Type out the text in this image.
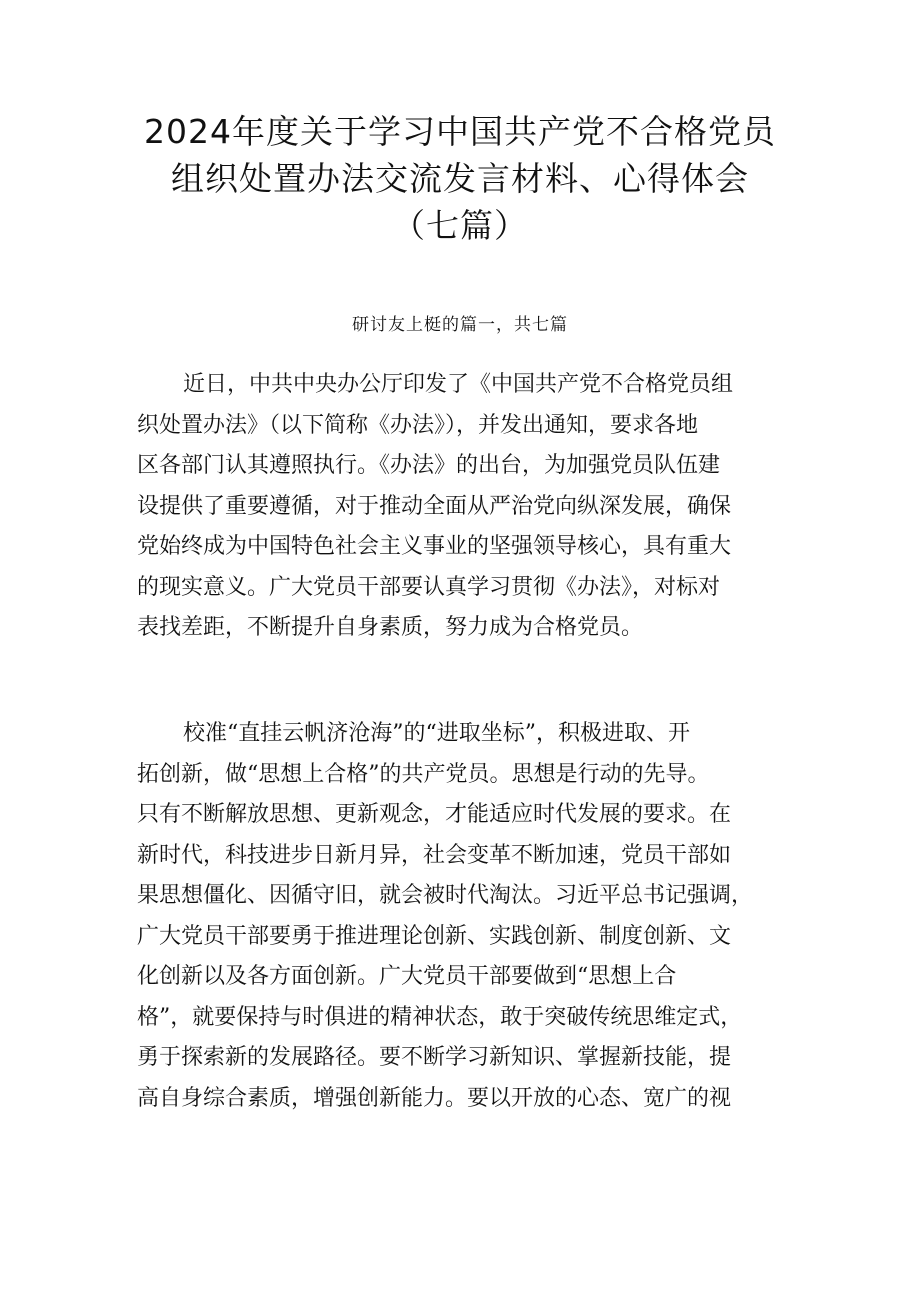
2024年度关于学习中国共产党不合格党员
组织处置办法交流发言材料、心得体会
（七篇）

研讨友上梃的篇一，共七篇

近日，中共中央办公厅印发了《中国共产党不合格党员组
织处置办法》（以下简称《办法》），并发出通知，要求各地
区各部门认其遵照执行。《办法》的出台，为加强党员队伍建
设提供了重要遵循，对于推动全面从严治党向纵深发展，确保
党始终成为中国特色社会主义事业的坚强领导核心，具有重大
的现实意义。广大党员干部要认真学习贯彻《办法》，对标对
表找差距，不断提升自身素质，努力成为合格党员。
校准“直挂云帆济沧海”的“进取坐标”，积极进取、开
拓创新，做“思想上合格”的共产党员。思想是行动的先导。
只有不断解放思想、更新观念，才能适应时代发展的要求。在
新时代，科技进步日新月异，社会变革不断加速，党员干部如
果思想僵化、因循守旧，就会被时代淘汰。习近平总书记强调，
广大党员干部要勇于推进理论创新、实践创新、制度创新、文
化创新以及各方面创新。广大党员干部要做到“思想上合
格”，就要保持与时俱进的精神状态，敢于突破传统思维定式，
勇于探索新的发展路径。要不断学习新知识、掌握新技能，提
高自身综合素质，增强创新能力。要以开放的心态、宽广的视
